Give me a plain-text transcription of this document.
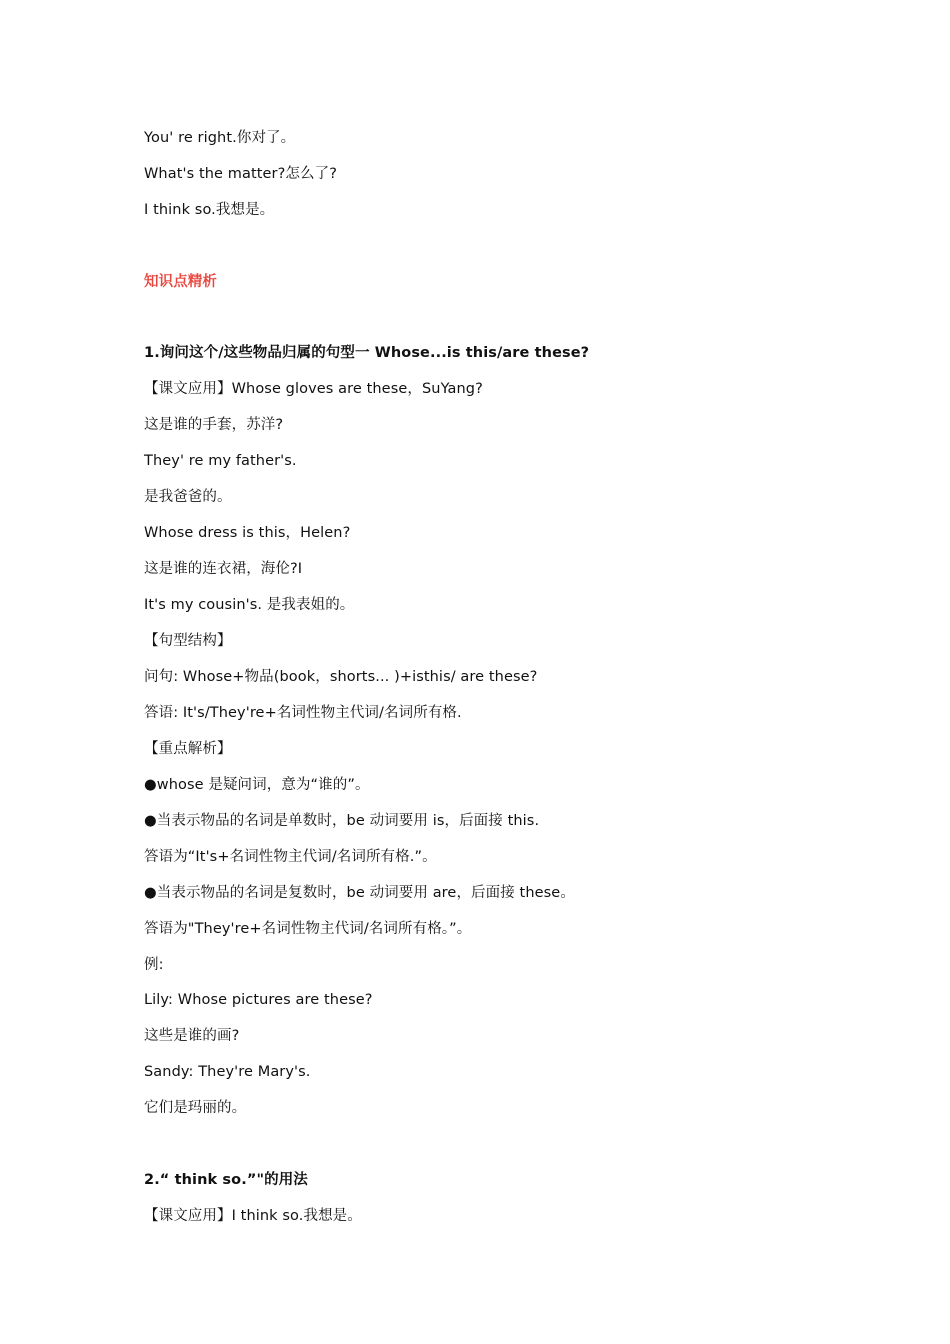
You' re right.你对了。
What's the matter?怎么了?
I think so.我想是。
知识点精析
1.询问这个/这些物品归属的句型一 Whose...is this/are these?
【课文应用】Whose gloves are these，SuYang?
这是谁的手套，苏洋?
They' re my father's.
是我爸爸的。
Whose dress is this，Helen?
这是谁的连衣裙，海伦?I
It's my cousin's. 是我表姐的。
【句型结构】
问句: Whose+物品(book，shorts... )+isthis/ are these?
答语: It's/They're+名词性物主代词/名词所有格.
【重点解析】
●whose 是疑问词，意为“谁的”。
●当表示物品的名词是单数时，be 动词要用 is，后面接 this.
答语为“It's+名词性物主代词/名词所有格.”。
●当表示物品的名词是复数时，be 动词要用 are，后面接 these。
答语为"They're+名词性物主代词/名词所有格。”。
例:
Lily: Whose pictures are these?
这些是谁的画?
Sandy: They're Mary's.
它们是玛丽的。
2.“ think so.”"的用法
【课文应用】I think so.我想是。
